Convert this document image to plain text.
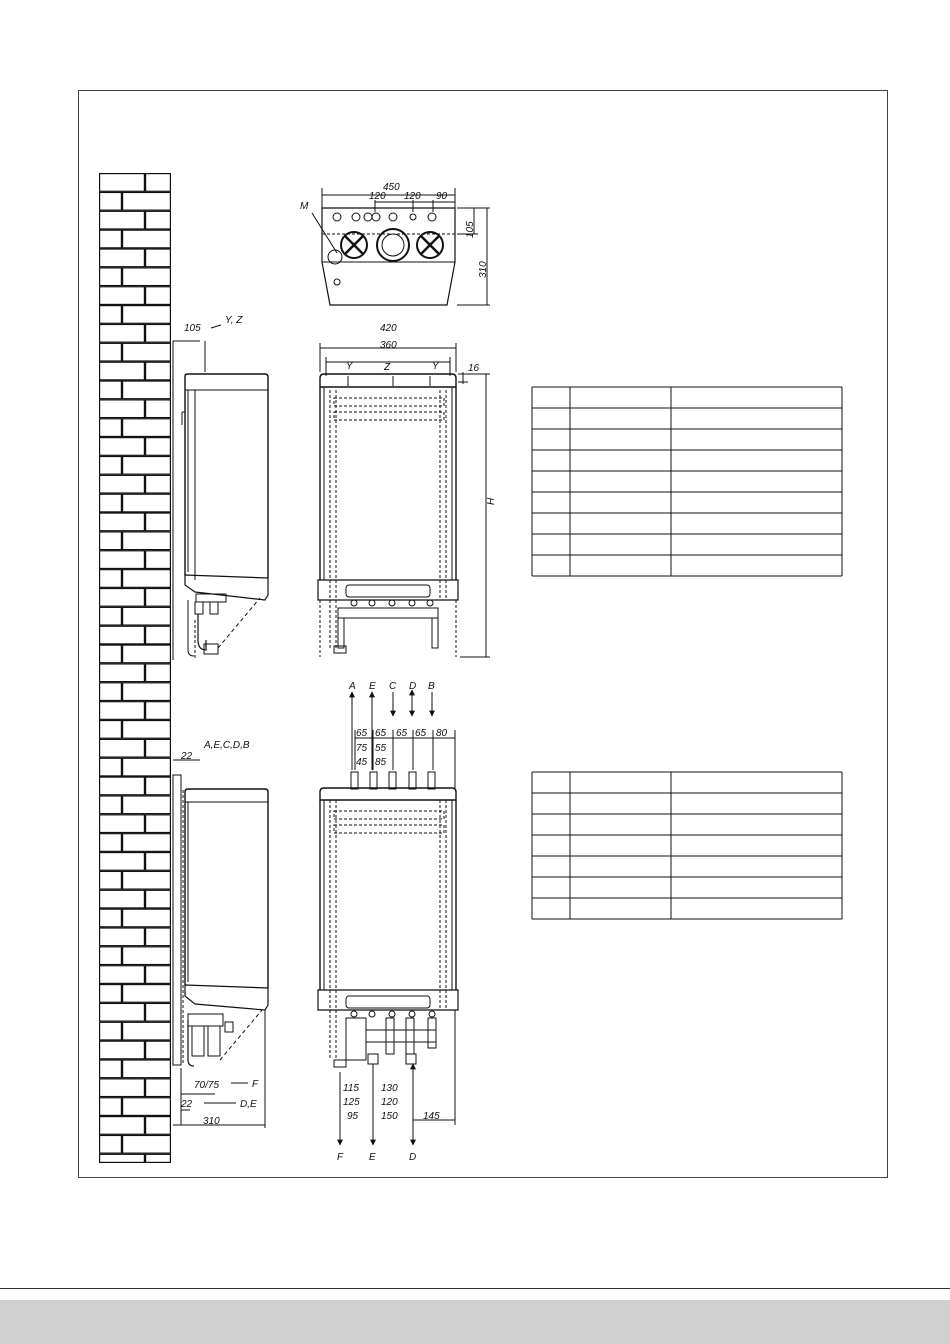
450
120 120 90
M
105
310
105
Y, Z
420
360
Y	Z	Y	16
H
22
A,E,C,D,B
70/75	F
22	D,E
310
A E C D B
65
75
45
65
55
85
65 65 80
115
125
95
130
120
150	145
F	E	D
